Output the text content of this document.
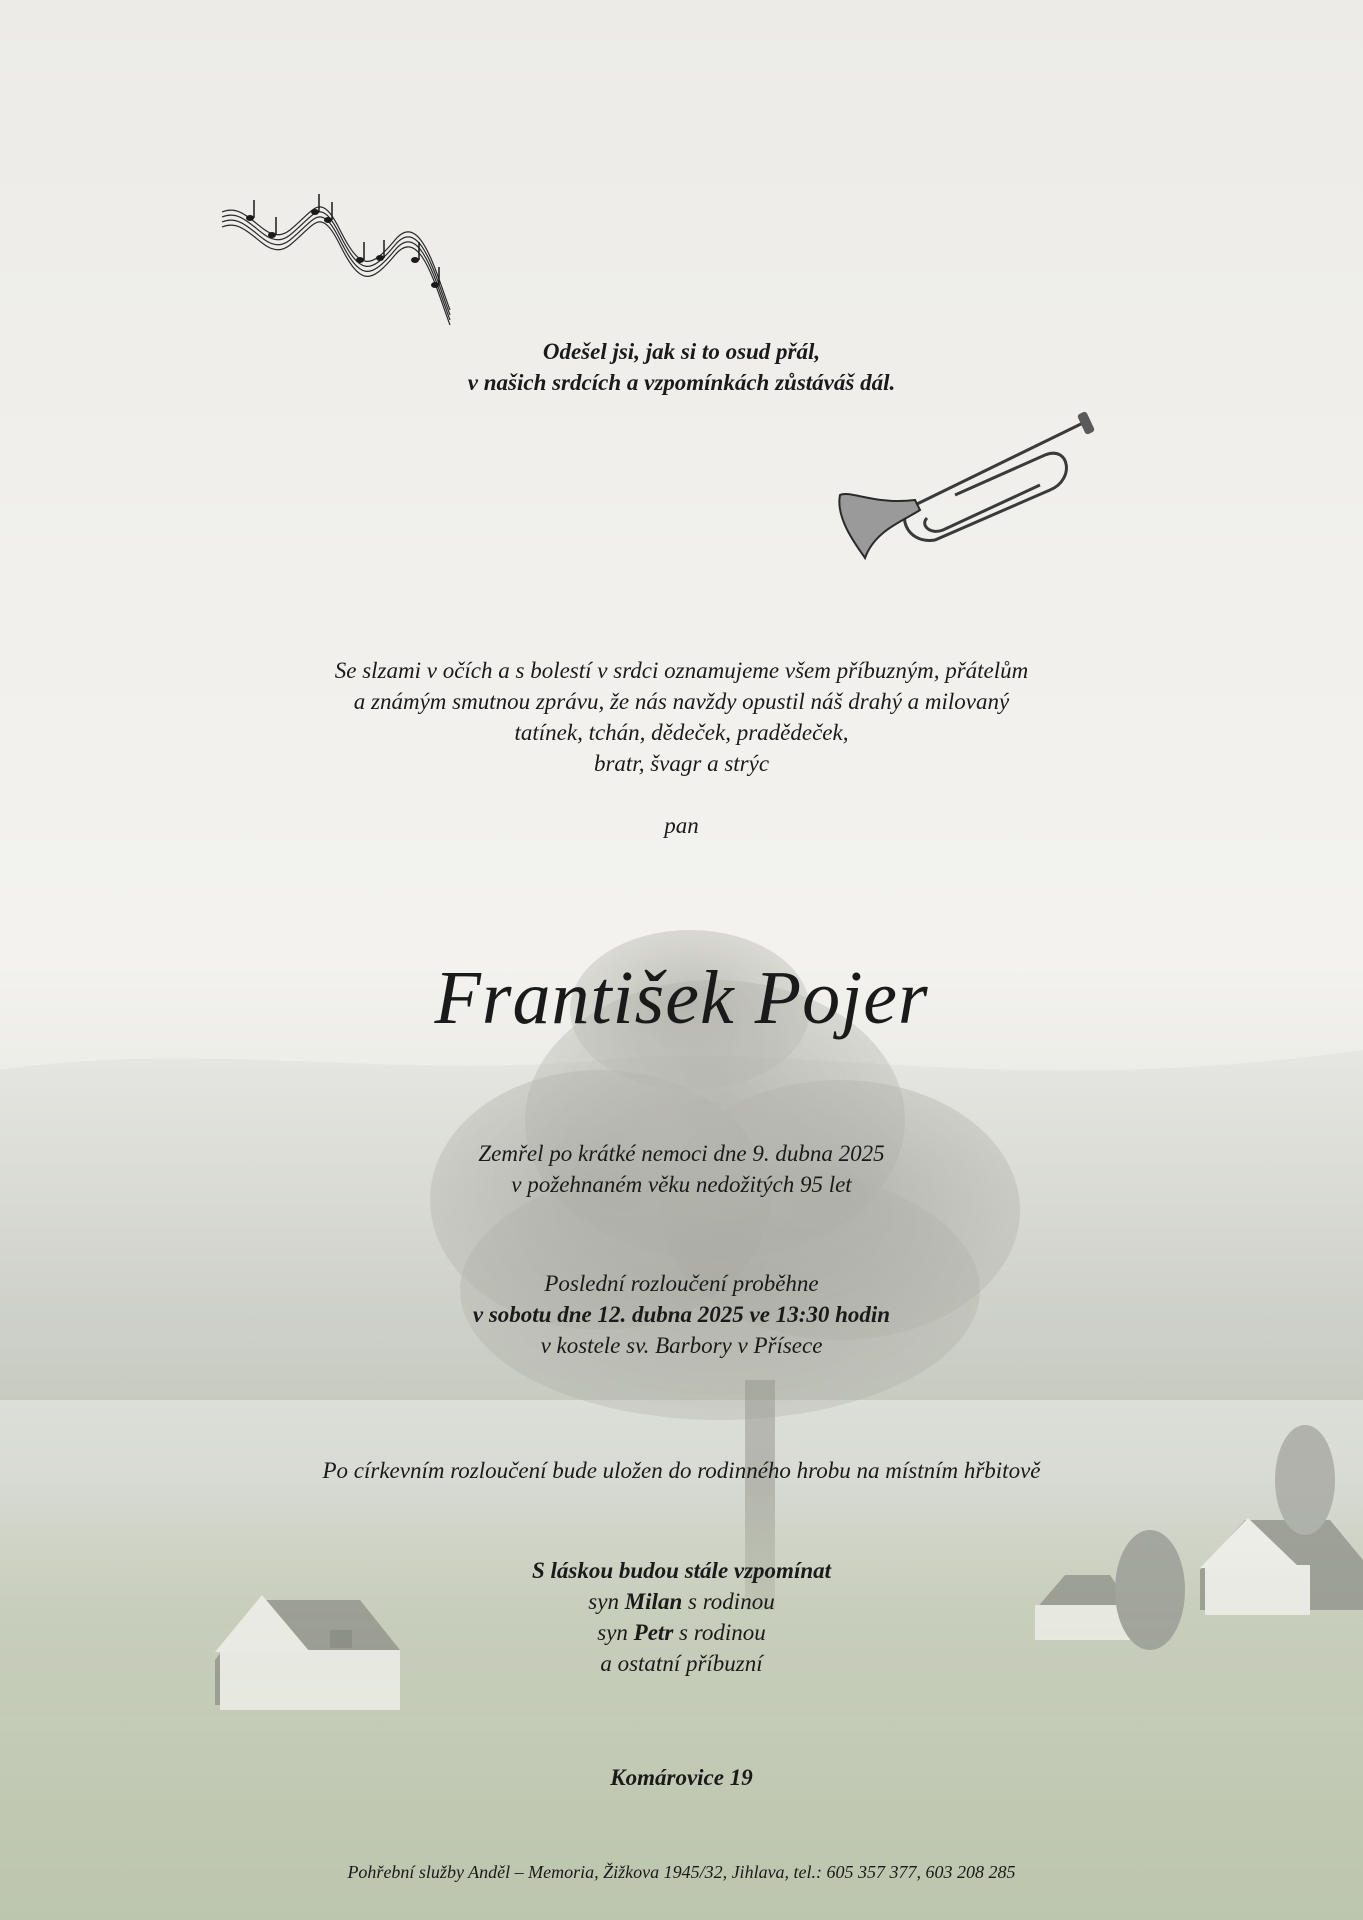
Odešel jsi, jak si to osud přál,
v našich srdcích a vzpomínkách zůstáváš dál.
Se slzami v očích a s bolestí v srdci oznamujeme všem příbuzným, přátelům
a známým smutnou zprávu, že nás navždy opustil náš drahý a milovaný
tatínek, tchán, dědeček, pradědeček,
bratr, švagr a strýc
pan
František Pojer
Zemřel po krátké nemoci dne 9. dubna 2025
v požehnaném věku nedožitých 95 let
Poslední rozloučení proběhne
v sobotu dne 12. dubna 2025 ve 13:30 hodin
v kostele sv. Barbory v Přísece
Po církevním rozloučení bude uložen do rodinného hrobu na místním hřbitově
S láskou budou stále vzpomínat
syn Milan s rodinou
syn Petr s rodinou
a ostatní příbuzní
Komárovice 19
Pohřební služby Anděl – Memoria, Žižkova 1945/32, Jihlava, tel.: 605 357 377, 603 208 285
